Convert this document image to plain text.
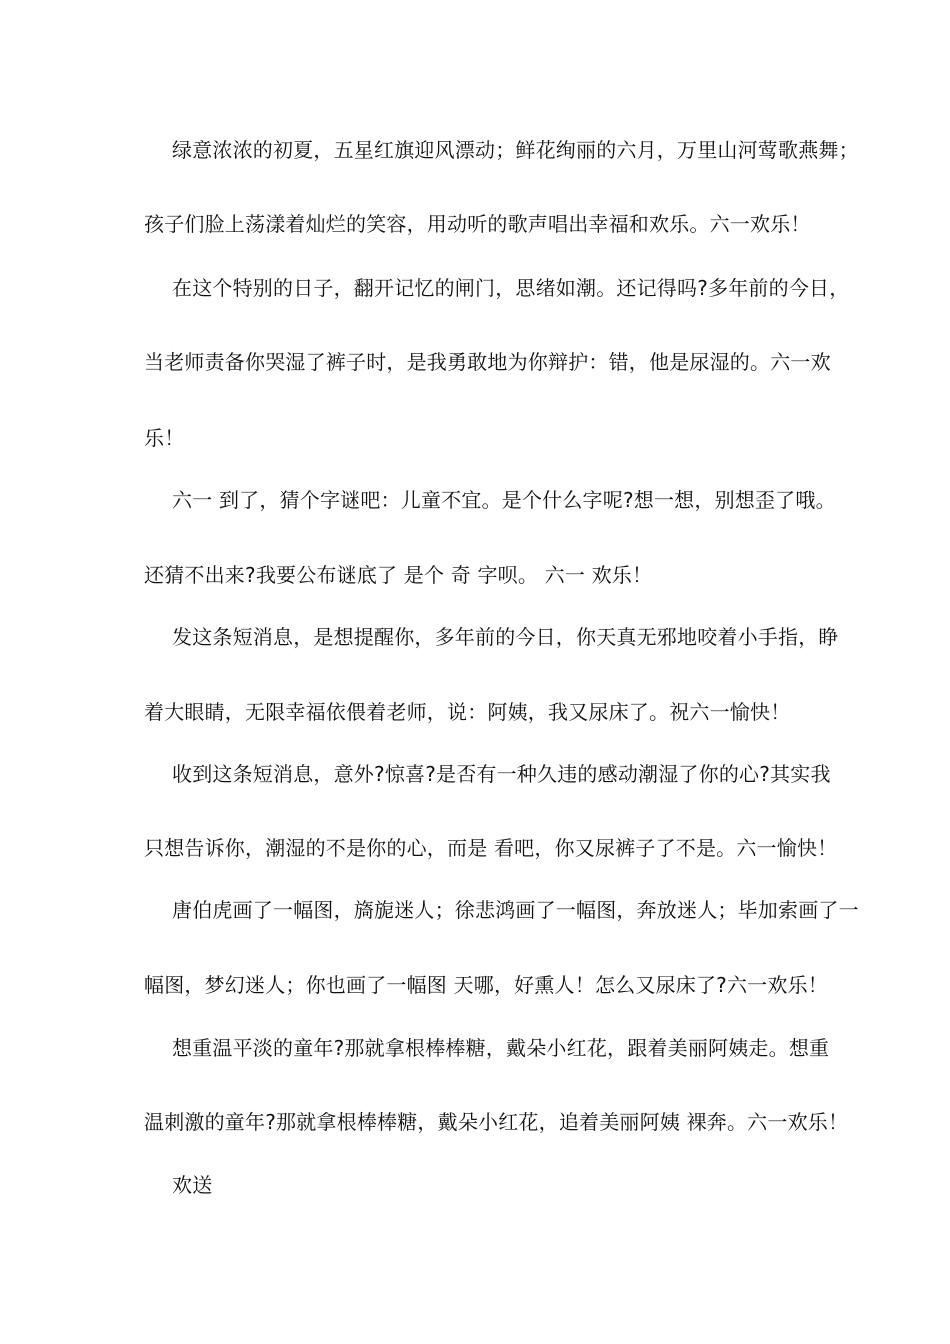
绿意浓浓的初夏，五星红旗迎风漂动；鲜花绚丽的六月，万里山河莺歌燕舞；
孩子们脸上荡漾着灿烂的笑容，用动听的歌声唱出幸福和欢乐。六一欢乐！
在这个特别的日子，翻开记忆的闸门，思绪如潮。还记得吗?多年前的今日，
当老师责备你哭湿了裤子时，是我勇敢地为你辩护：错，他是尿湿的。六一欢
乐！
六一 到了，猜个字谜吧：儿童不宜。是个什么字呢?想一想，别想歪了哦。
还猜不出来?我要公布谜底了 是个 奇 字呗。 六一 欢乐！
发这条短消息，是想提醒你，多年前的今日，你天真无邪地咬着小手指，睁
着大眼睛，无限幸福依偎着老师，说：阿姨，我又尿床了。祝六一愉快！
收到这条短消息，意外?惊喜?是否有一种久违的感动潮湿了你的心?其实我
只想告诉你，潮湿的不是你的心，而是 看吧，你又尿裤子了不是。六一愉快！
唐伯虎画了一幅图，旖旎迷人；徐悲鸿画了一幅图，奔放迷人；毕加索画了一
幅图，梦幻迷人；你也画了一幅图 天哪，好熏人！怎么又尿床了?六一欢乐！
想重温平淡的童年?那就拿根棒棒糖，戴朵小红花，跟着美丽阿姨走。想重
温刺激的童年?那就拿根棒棒糖，戴朵小红花，追着美丽阿姨 裸奔。六一欢乐！
欢送
